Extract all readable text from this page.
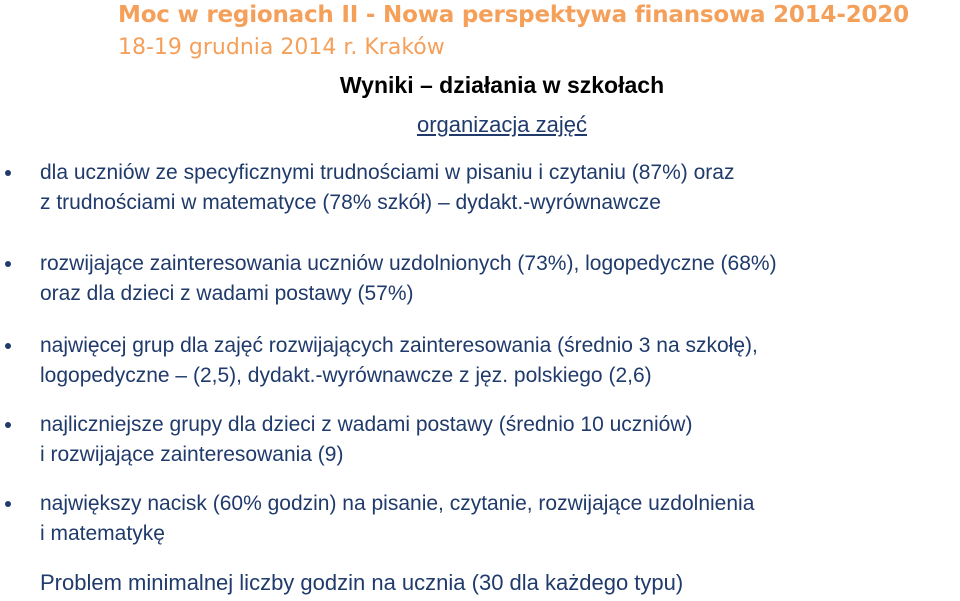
Moc w regionach II - Nowa perspektywa finansowa 2014-2020
18-19 grudnia 2014 r. Kraków
Wyniki – działania w szkołach
organizacja zajęć
dla uczniów ze specyficznymi trudnościami w pisaniu i czytaniu (87%) oraz
z trudnościami w matematyce (78% szkół) – dydakt.-wyrównawcze
rozwijające zainteresowania uczniów uzdolnionych (73%), logopedyczne (68%)
oraz dla dzieci z wadami postawy (57%)
najwięcej grup dla zajęć rozwijających zainteresowania (średnio 3 na szkołę),
logopedyczne – (2,5), dydakt.-wyrównawcze z jęz. polskiego (2,6)
najliczniejsze grupy dla dzieci z wadami postawy (średnio 10 uczniów)
i rozwijające zainteresowania (9)
największy nacisk (60% godzin) na pisanie, czytanie, rozwijające uzdolnienia
i matematykę
Problem minimalnej liczby godzin na ucznia (30 dla każdego typu)
